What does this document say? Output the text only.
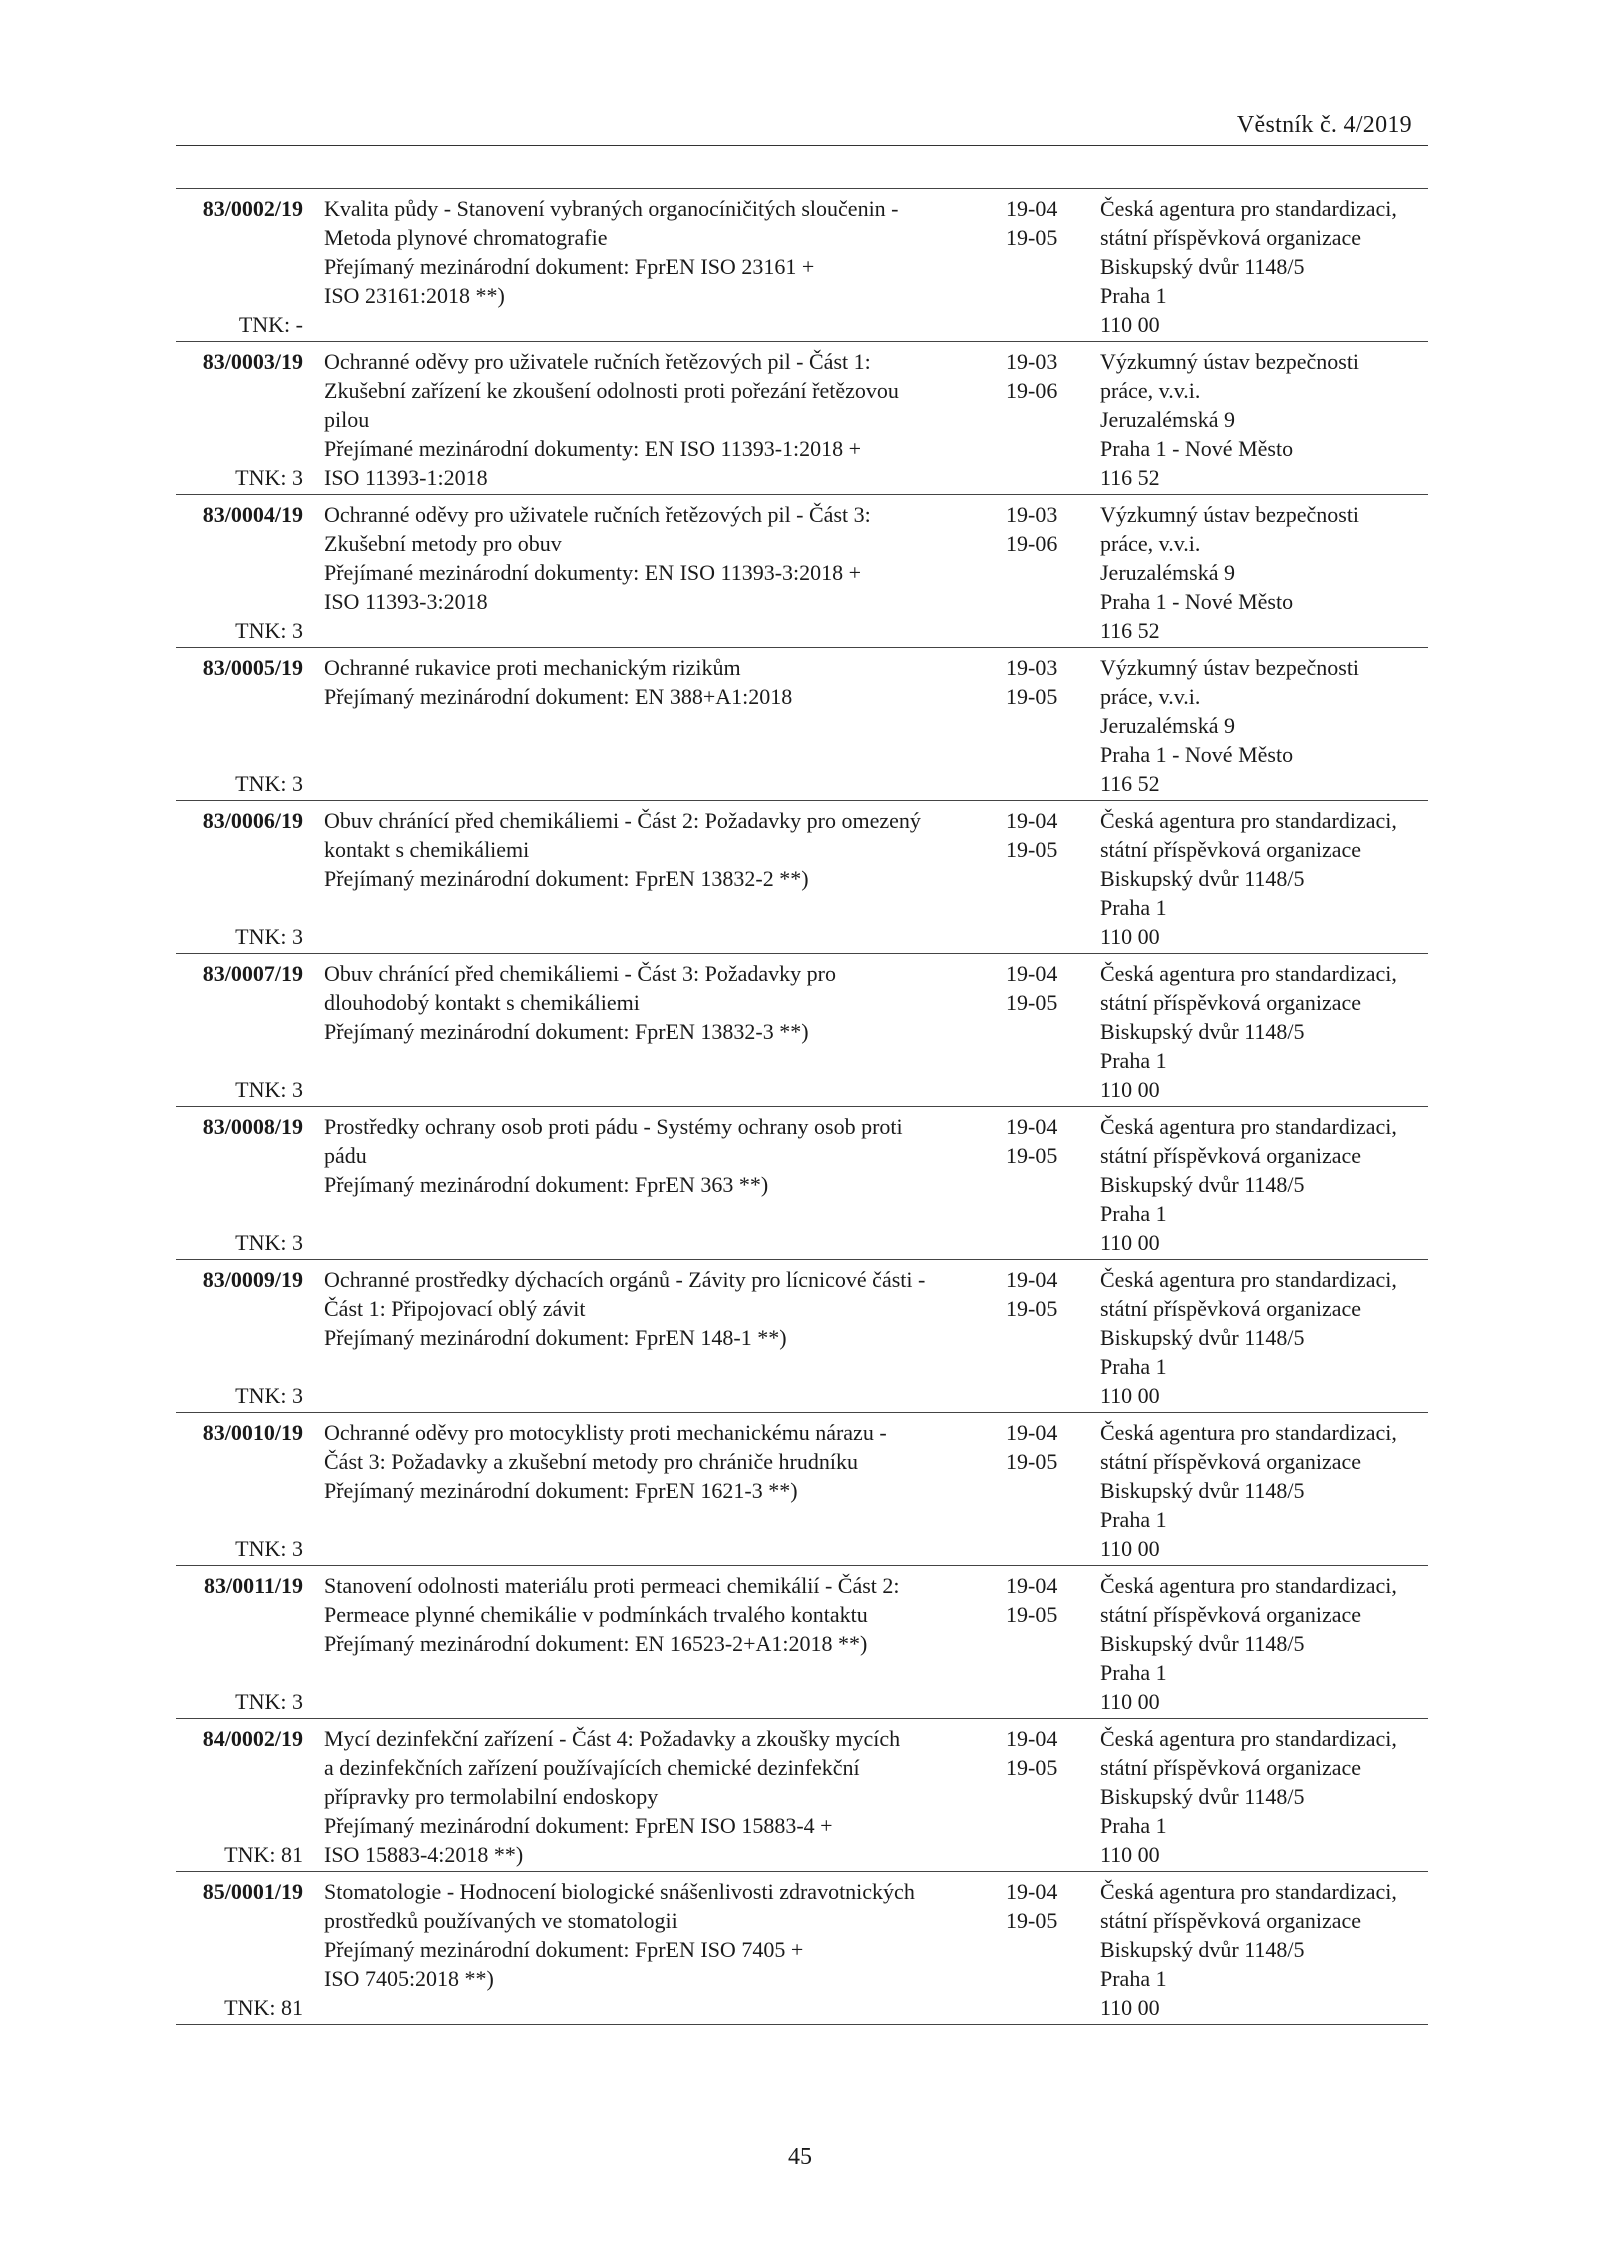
Věstník č. 4/2019
83/0002/19
TNK: -
Kvalita půdy - Stanovení vybraných organocíničitých sloučenin -
Metoda plynové chromatografie
Přejímaný mezinárodní dokument: FprEN ISO 23161 +
ISO 23161:2018 **)
19-04
19-05
Česká agentura pro standardizaci,
státní příspěvková organizace
Biskupský dvůr 1148/5
Praha 1
110 00
83/0003/19
TNK: 3
Ochranné oděvy pro uživatele ručních řetězových pil - Část 1:
Zkušební zařízení ke zkoušení odolnosti proti pořezání řetězovou
pilou
Přejímané mezinárodní dokumenty: EN ISO 11393-1:2018 +
ISO 11393-1:2018
19-03
19-06
Výzkumný ústav bezpečnosti
práce, v.v.i.
Jeruzalémská 9
Praha 1 - Nové Město
116 52
83/0004/19
TNK: 3
Ochranné oděvy pro uživatele ručních řetězových pil - Část 3:
Zkušební metody pro obuv
Přejímané mezinárodní dokumenty: EN ISO 11393-3:2018 +
ISO 11393-3:2018
19-03
19-06
Výzkumný ústav bezpečnosti
práce, v.v.i.
Jeruzalémská 9
Praha 1 - Nové Město
116 52
83/0005/19
TNK: 3
Ochranné rukavice proti mechanickým rizikům
Přejímaný mezinárodní dokument: EN 388+A1:2018
19-03
19-05
Výzkumný ústav bezpečnosti
práce, v.v.i.
Jeruzalémská 9
Praha 1 - Nové Město
116 52
83/0006/19
TNK: 3
Obuv chránící před chemikáliemi - Část 2: Požadavky pro omezený
kontakt s chemikáliemi
Přejímaný mezinárodní dokument: FprEN 13832-2 **)
19-04
19-05
Česká agentura pro standardizaci,
státní příspěvková organizace
Biskupský dvůr 1148/5
Praha 1
110 00
83/0007/19
TNK: 3
Obuv chránící před chemikáliemi - Část 3: Požadavky pro
dlouhodobý kontakt s chemikáliemi
Přejímaný mezinárodní dokument: FprEN 13832-3 **)
19-04
19-05
Česká agentura pro standardizaci,
státní příspěvková organizace
Biskupský dvůr 1148/5
Praha 1
110 00
83/0008/19
TNK: 3
Prostředky ochrany osob proti pádu - Systémy ochrany osob proti
pádu
Přejímaný mezinárodní dokument: FprEN 363 **)
19-04
19-05
Česká agentura pro standardizaci,
státní příspěvková organizace
Biskupský dvůr 1148/5
Praha 1
110 00
83/0009/19
TNK: 3
Ochranné prostředky dýchacích orgánů - Závity pro lícnicové části -
Část 1: Připojovací oblý závit
Přejímaný mezinárodní dokument: FprEN 148-1 **)
19-04
19-05
Česká agentura pro standardizaci,
státní příspěvková organizace
Biskupský dvůr 1148/5
Praha 1
110 00
83/0010/19
TNK: 3
Ochranné oděvy pro motocyklisty proti mechanickému nárazu -
Část 3: Požadavky a zkušební metody pro chrániče hrudníku
Přejímaný mezinárodní dokument: FprEN 1621-3 **)
19-04
19-05
Česká agentura pro standardizaci,
státní příspěvková organizace
Biskupský dvůr 1148/5
Praha 1
110 00
83/0011/19
TNK: 3
Stanovení odolnosti materiálu proti permeaci chemikálií - Část 2:
Permeace plynné chemikálie v podmínkách trvalého kontaktu
Přejímaný mezinárodní dokument: EN 16523-2+A1:2018 **)
19-04
19-05
Česká agentura pro standardizaci,
státní příspěvková organizace
Biskupský dvůr 1148/5
Praha 1
110 00
84/0002/19
TNK: 81
Mycí dezinfekční zařízení - Část 4: Požadavky a zkoušky mycích
a dezinfekčních zařízení používajících chemické dezinfekční
přípravky pro termolabilní endoskopy
Přejímaný mezinárodní dokument: FprEN ISO 15883-4 +
ISO 15883-4:2018 **)
19-04
19-05
Česká agentura pro standardizaci,
státní příspěvková organizace
Biskupský dvůr 1148/5
Praha 1
110 00
85/0001/19
TNK: 81
Stomatologie - Hodnocení biologické snášenlivosti zdravotnických
prostředků používaných ve stomatologii
Přejímaný mezinárodní dokument: FprEN ISO 7405 +
ISO 7405:2018 **)
19-04
19-05
Česká agentura pro standardizaci,
státní příspěvková organizace
Biskupský dvůr 1148/5
Praha 1
110 00
45
